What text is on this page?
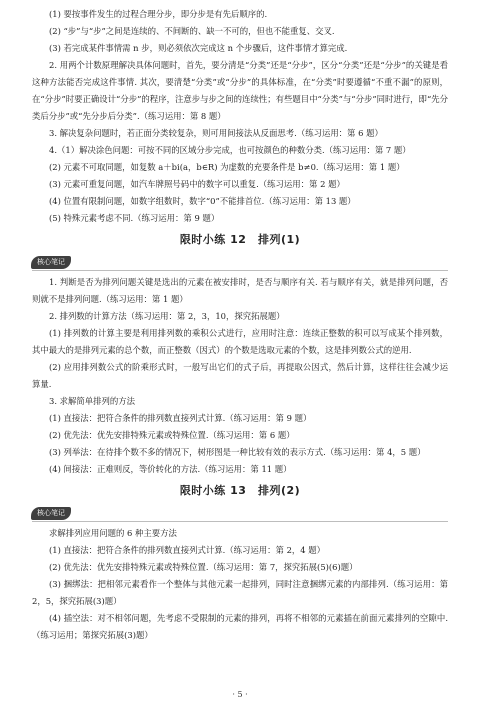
(1) 要按事件发生的过程合理分步，即分步是有先后顺序的.

(2) “步”与“步”之间是连续的、不间断的、缺一不可的，但也不能重复、交叉.

(3) 若完成某件事情需 n 步，则必须依次完成这 n 个步骤后，这件事情才算完成.

2. 用两个计数原理解决具体问题时，首先，要分清是“分类”还是“分步”，区分“分类”还是“分步”的关键是看这种方法能否完成这件事情. 其次，要清楚“分类”或“分步”的具体标准，在“分类”时要遵循“不重不漏”的原则，在“分步”时要正确设计“分步”的程序，注意步与步之间的连续性；有些题目中“分类”与“分步”同时进行，即“先分类后分步”或“先分步后分类”.（练习运用：第 8 题）

3. 解决复杂问题时，若正面分类较复杂，则可用间接法从反面思考.（练习运用：第 6 题）

4.（1）解决涂色问题：可按不同的区域分步完成，也可按颜色的种数分类.（练习运用：第 7 题）

(2) 元素不可取同题，如复数 a＋bi(a，b∈R) 为虚数的充要条件是 b≠0.（练习运用：第 1 题）

(3) 元素可重复问题，如汽车牌照号码中的数字可以重复.（练习运用：第 2 题）

(4) 位置有限制问题，如数字组数时，数字“0”不能排首位.（练习运用：第 13 题）

(5) 特殊元素考虑不同.（练习运用：第 9 题）

限时小练 12　排列(1)
核心笔记

1. 判断是否为排列问题关键是选出的元素在被安排时，是否与顺序有关. 若与顺序有关，就是排列问题，否则就不是排列问题.（练习运用：第 1 题）

2. 排列数的计算方法（练习运用：第 2，3，10，探究拓展题）

(1) 排列数的计算主要是利用排列数的乘积公式进行，应用时注意：连续正整数的积可以写成某个排列数，其中最大的是排列元素的总个数，而正整数（因式）的个数是选取元素的个数，这是排列数公式的逆用.

(2) 应用排列数公式的阶乘形式时，一般写出它们的式子后，再提取公因式，然后计算，这样往往会减少运算量.

3. 求解简单排列的方法

(1) 直接法：把符合条件的排列数直接列式计算.（练习运用：第 9 题）

(2) 优先法：优先安排特殊元素或特殊位置.（练习运用：第 6 题）

(3) 列举法：在待排个数不多的情况下，树形图是一种比较有效的表示方式.（练习运用：第 4，5 题）

(4) 间接法：正难则反，等价转化的方法.（练习运用：第 11 题）

限时小练 13　排列(2)
核心笔记

求解排列应用问题的 6 种主要方法

(1) 直接法：把符合条件的排列数直接列式计算.（练习运用：第 2，4 题）

(2) 优先法：优先安排特殊元素或特殊位置.（练习运用：第 7，探究拓展(5)(6)题）

(3) 捆绑法：把相邻元素看作一个整体与其他元素一起排列，同时注意捆绑元素的内部排列.（练习运用：第 2，5，探究拓展(3)题）

(4) 插空法：对不相邻问题，先考虑不受限制的元素的排列，再将不相邻的元素插在前面元素排列的空隙中.（练习运用；第探究拓展(3)题）

· 5 ·
